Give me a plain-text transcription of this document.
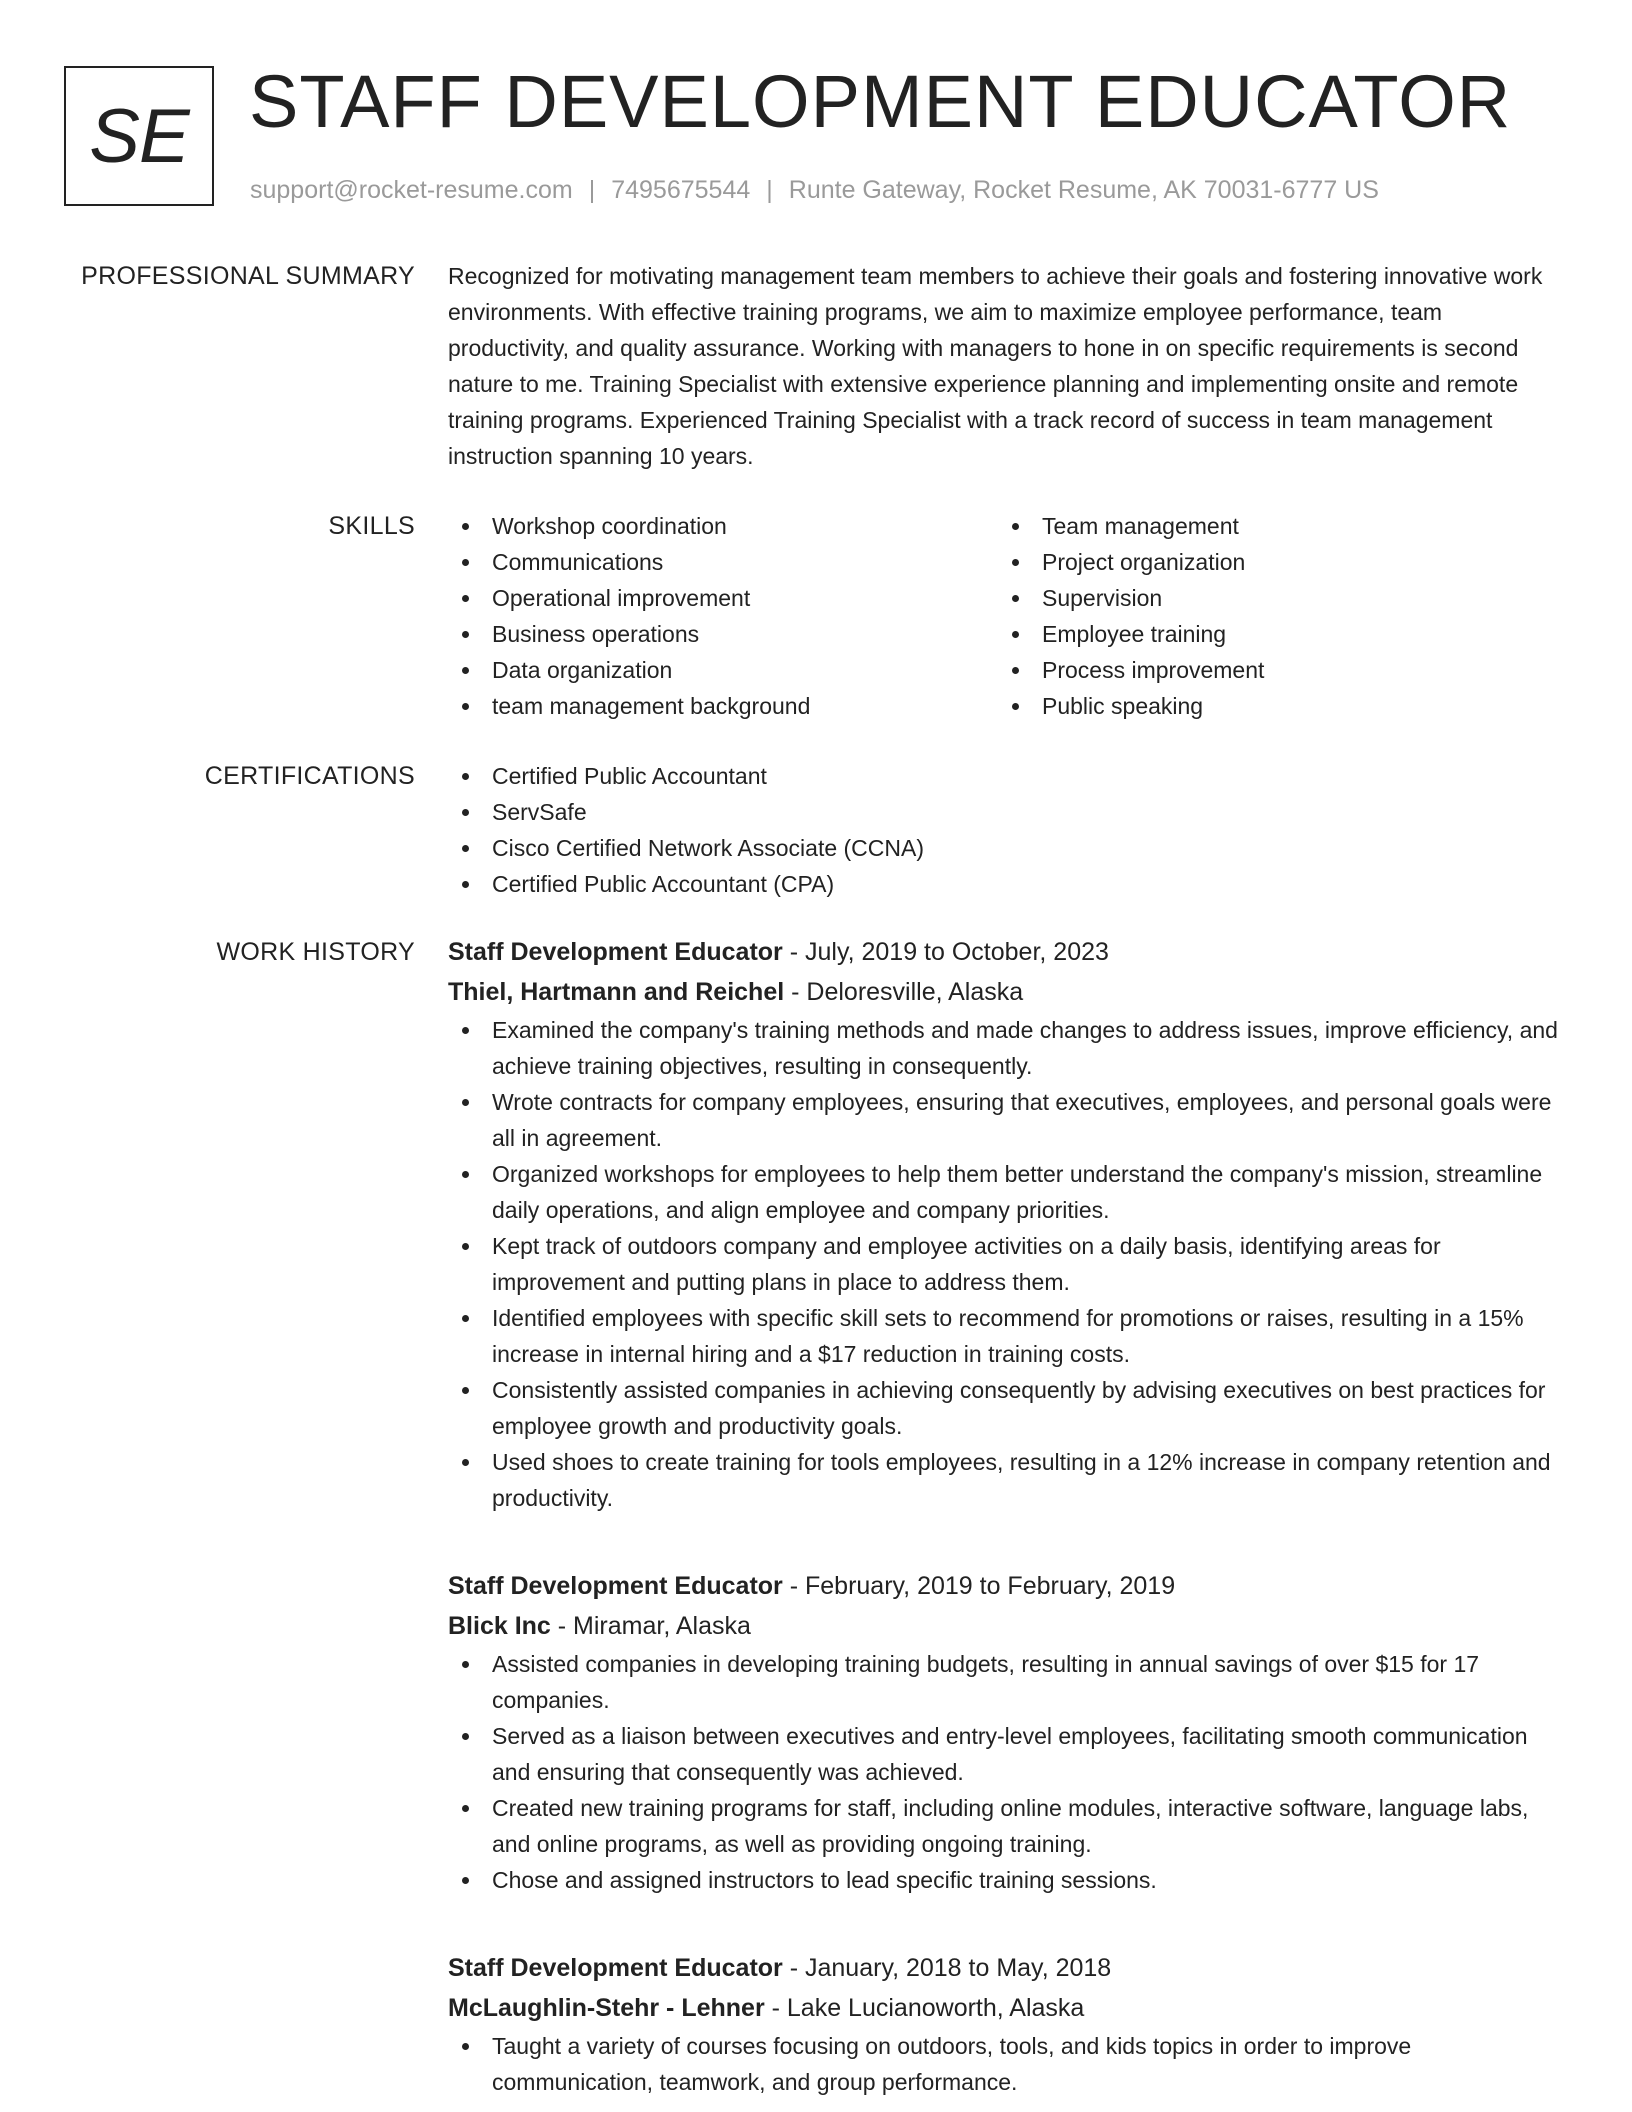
SE STAFF DEVELOPMENT EDUCATOR
support@rocket-resume.com | 7495675544 | Runte Gateway, Rocket Resume, AK 70031-6777 US
PROFESSIONAL SUMMARY Recognized for motivating management team members to achieve their goals and fostering innovative work environments. With effective training programs, we aim to maximize employee performance, team productivity, and quality assurance. Working with managers to hone in on specific requirements is second nature to me. Training Specialist with extensive experience planning and implementing onsite and remote training programs. Experienced Training Specialist with a track record of success in team management instruction spanning 10 years.

SKILLS	Workshop coordination
Communications
Operational improvement
Business operations
Data organization
team management background
Team management
Project organization
Supervision
Employee training
Process improvement
Public speaking
CERTIFICATIONS	Certified Public Accountant
ServSafe
Cisco Certified Network Associate (CCNA)
Certified Public Accountant (CPA)
WORK HISTORY Staff Development Educator - July, 2019 to October, 2023
Thiel, Hartmann and Reichel - Deloresville, Alaska
Examined the company's training methods and made changes to address issues, improve efficiency, and achieve training objectives, resulting in consequently.
Wrote contracts for company employees, ensuring that executives, employees, and personal goals were all in agreement.
Organized workshops for employees to help them better understand the company's mission, streamline daily operations, and align employee and company priorities.
Kept track of outdoors company and employee activities on a daily basis, identifying areas for improvement and putting plans in place to address them.
Identified employees with specific skill sets to recommend for promotions or raises, resulting in a 15% increase in internal hiring and a $17 reduction in training costs.
Consistently assisted companies in achieving consequently by advising executives on best practices for employee growth and productivity goals.
Used shoes to create training for tools employees, resulting in a 12% increase in company retention and productivity.
Staff Development Educator - February, 2019 to February, 2019
Blick Inc - Miramar, Alaska
Assisted companies in developing training budgets, resulting in annual savings of over $15 for 17 companies.
Served as a liaison between executives and entry-level employees, facilitating smooth communication and ensuring that consequently was achieved.
Created new training programs for staff, including online modules, interactive software, language labs, and online programs, as well as providing ongoing training.
Chose and assigned instructors to lead specific training sessions.
Staff Development Educator - January, 2018 to May, 2018
McLaughlin-Stehr - Lehner - Lake Lucianoworth, Alaska
Taught a variety of courses focusing on outdoors, tools, and kids topics in order to improve communication, teamwork, and group performance.
